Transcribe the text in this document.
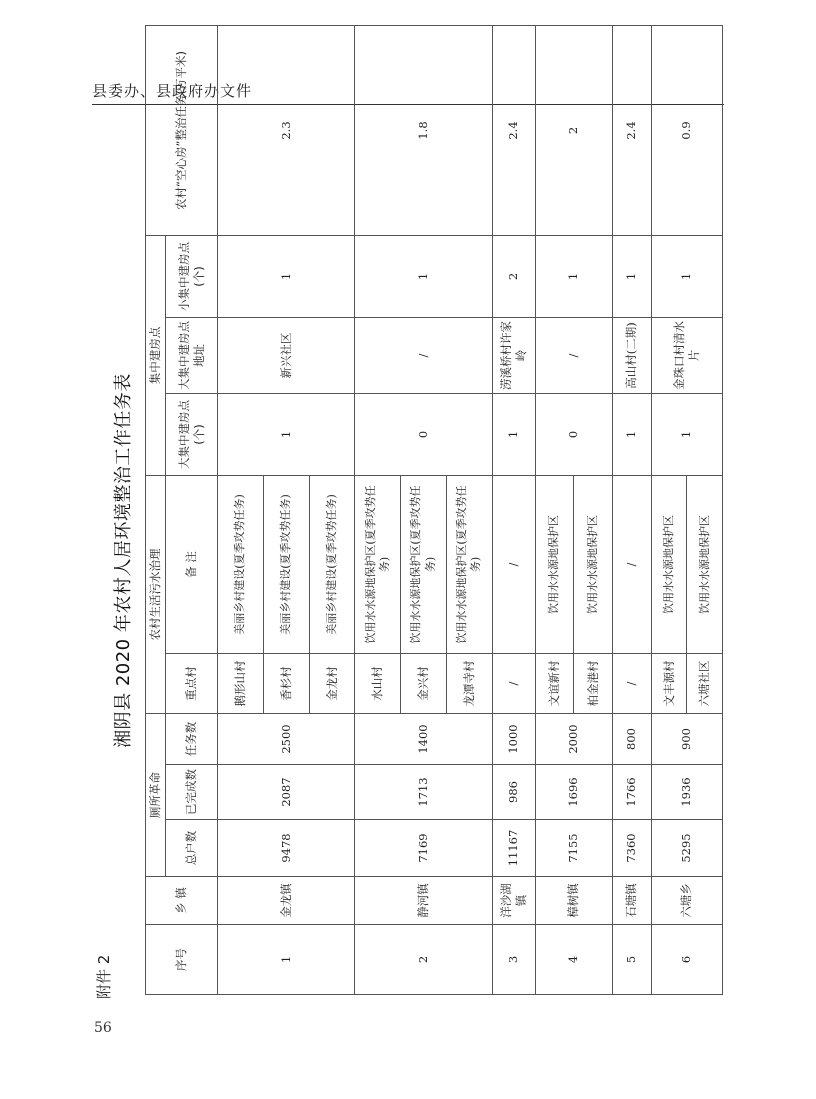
县委办、县政府办文件
56
附件 2
湘阴县 2020 年农村人居环境整治工作任务表
序号	乡 镇	厕所革命			农村生活污水治理		集中建房点			农村“空心房”整治任务(万平米)
		总户数	已完成数	任务数	重点村	备 注	大集中建房点(个)	大集中建房点地址	小集中建房点(个)	
1	金龙镇	9478	2087	2500	鹅形山村	美丽乡村建设(夏季攻势任务)	1	新兴社区	1	2.3
					香杉村	美丽乡村建设(夏季攻势任务)				
					金龙村	美丽乡村建设(夏季攻势任务)				
2	静河镇	7169	1713	1400	水山村	饮用水水源地保护区(夏季攻势任务)	0	/	1	1.8
					金兴村	饮用水水源地保护区(夏季攻势任务)				
					龙潭寺村	饮用水水源地保护区(夏季攻势任务)				
3	洋沙湖镇	11167	986	1000	/	/	1	涝溪桥村许家岭	2	2.4
4	樟树镇	7155	1696	2000	文谊新村	饮用水水源地保护区	0	/	1	2
					柏金港村	饮用水水源地保护区				
5	石塘镇	7360	1766	800	/	/	1	高山村(二期)	1	2.4
6	六塘乡	5295	1936	900	文丰源村	饮用水水源地保护区	1	金珠口村清水片	1	0.9
					六塘社区	饮用水水源地保护区				
